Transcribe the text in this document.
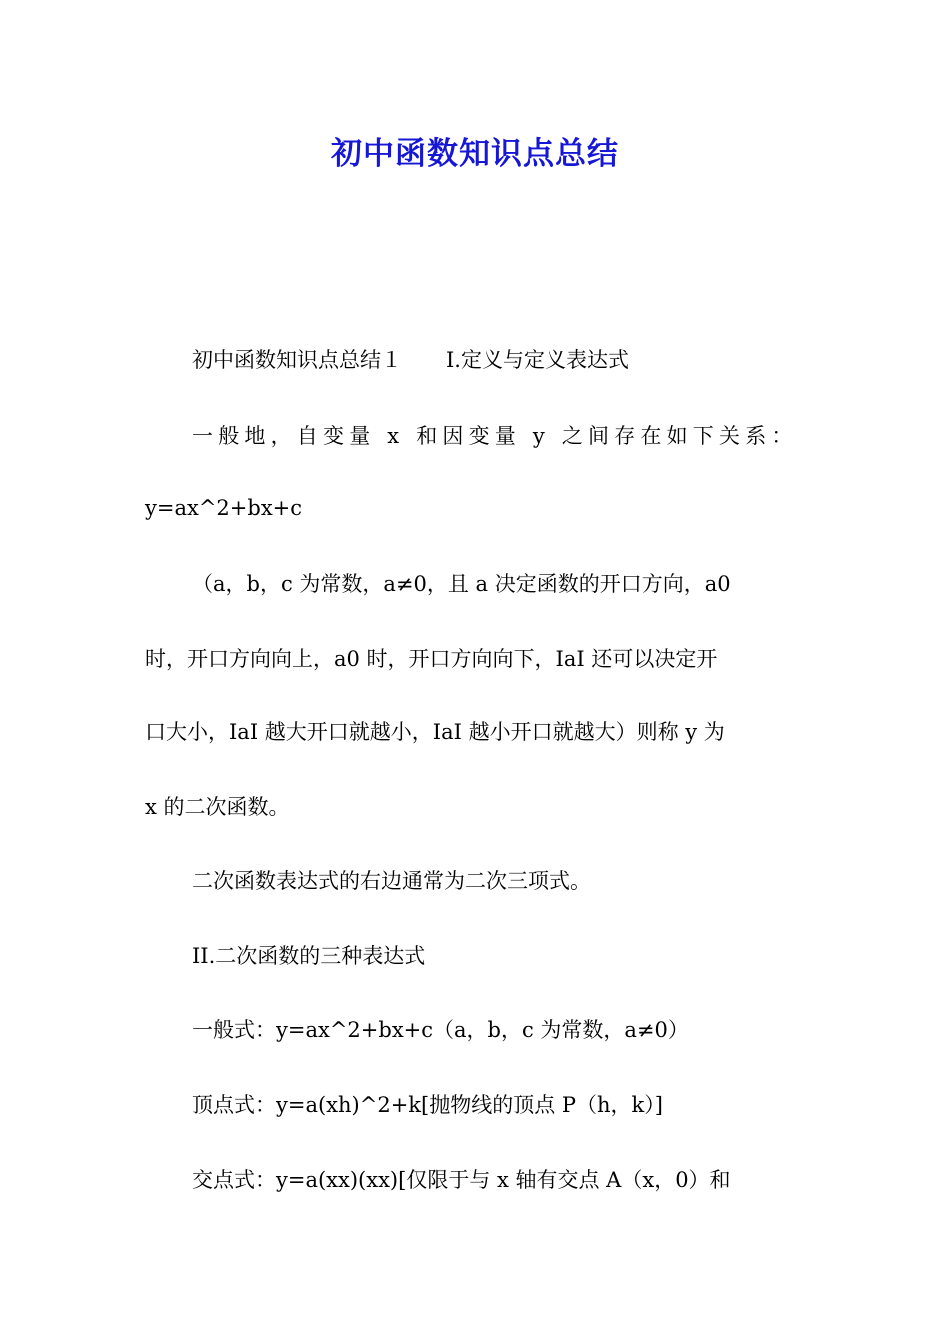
初中函数知识点总结
初中函数知识点总结１ I.定义与定义表达式
一般地，自变量 x 和因变量 y 之间存在如下关系：
y=ax^2+bx+c
（a，b，c 为常数，a≠0，且 a 决定函数的开口方向，a0
时，开口方向向上，a0 时，开口方向向下，IaI 还可以决定开
口大小，IaI 越大开口就越小，IaI 越小开口就越大）则称 y 为
x 的二次函数。
二次函数表达式的右边通常为二次三项式。
II.二次函数的三种表达式
一般式：y=ax^2+bx+c（a，b，c 为常数，a≠0）
顶点式：y=a(xh)^2+k[抛物线的顶点 P（h，k）]
交点式：y=a(xx)(xx)[仅限于与 x 轴有交点 A（x，0）和
